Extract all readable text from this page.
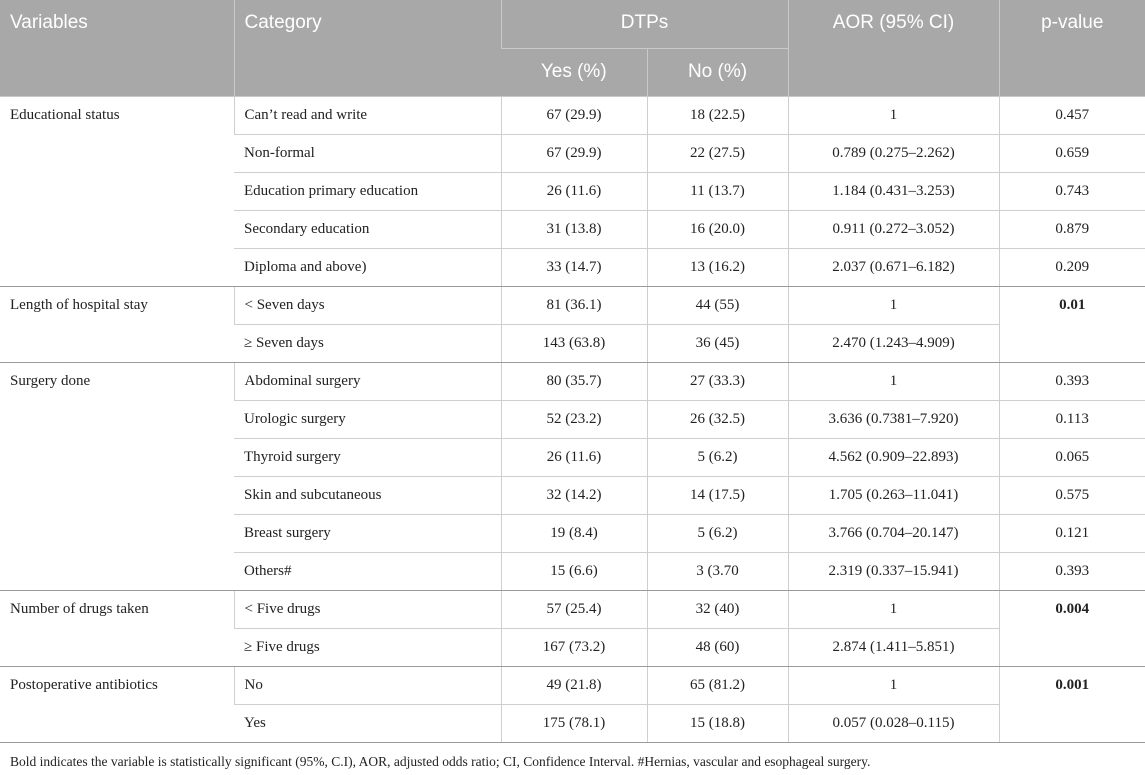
Variables	Category	DTPs		AOR (95% CI)	p-value
		Yes (%)	No (%)		
Educational status	Can’t read and write	67 (29.9)	18 (22.5)	1	0.457
	Non-formal	67 (29.9)	22 (27.5)	0.789 (0.275–2.262)	0.659
	Education primary education	26 (11.6)	11 (13.7)	1.184 (0.431–3.253)	0.743
	Secondary education	31 (13.8)	16 (20.0)	0.911 (0.272–3.052)	0.879
	Diploma and above)	33 (14.7)	13 (16.2)	2.037 (0.671–6.182)	0.209
Length of hospital stay	< Seven days	81 (36.1)	44 (55)	1	0.01
	≥ Seven days	143 (63.8)	36 (45)	2.470 (1.243–4.909)	
Surgery done	Abdominal surgery	80 (35.7)	27 (33.3)	1	0.393
	Urologic surgery	52 (23.2)	26 (32.5)	3.636 (0.7381–7.920)	0.113
	Thyroid surgery	26 (11.6)	5 (6.2)	4.562 (0.909–22.893)	0.065
	Skin and subcutaneous	32 (14.2)	14 (17.5)	1.705 (0.263–11.041)	0.575
	Breast surgery	19 (8.4)	5 (6.2)	3.766 (0.704–20.147)	0.121
	Others#	15 (6.6)	3 (3.70	2.319 (0.337–15.941)	0.393
Number of drugs taken	< Five drugs	57 (25.4)	32 (40)	1	0.004
	≥ Five drugs	167 (73.2)	48 (60)	2.874 (1.411–5.851)	
Postoperative antibiotics	No	49 (21.8)	65 (81.2)	1	0.001
	Yes	175 (78.1)	15 (18.8)	0.057 (0.028–0.115)	
Bold indicates the variable is statistically significant (95%, C.I), AOR, adjusted odds ratio; CI, Confidence Interval. #Hernias, vascular and esophageal surgery.
